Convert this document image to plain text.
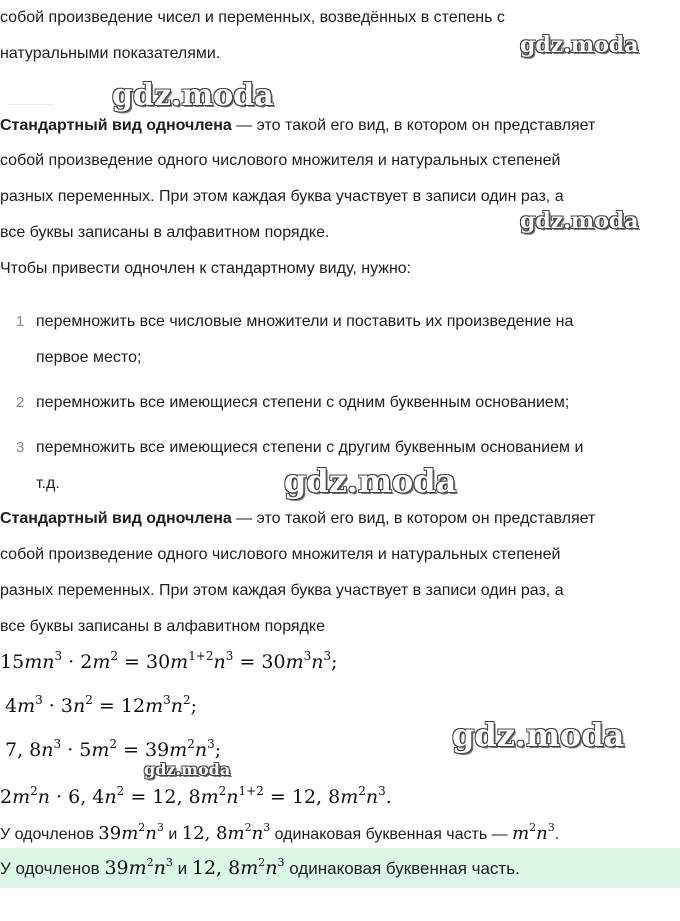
собой произведение чисел и переменных, возведённых в степень с
натуральными показателями.
Стандартный вид одночлена — это такой его вид, в котором он представляет
собой произведение одного числового множителя и натуральных степеней
разных переменных. При этом каждая буква участвует в записи один раз, а
все буквы записаны в алфавитном порядке.
Чтобы привести одночлен к стандартному виду, нужно:
1 перемножить все числовые множители и поставить их произведение на
первое место;
2 перемножить все имеющиеся степени с одним буквенным основанием;
3 перемножить все имеющиеся степени с другим буквенным основанием и
т.д.
Стандартный вид одночлена — это такой его вид, в котором он представляет
собой произведение одного числового множителя и натуральных степеней
разных переменных. При этом каждая буква участвует в записи один раз, а
все буквы записаны в алфавитном порядке
$15mn^3 \cdot 2m^2 = 30m^{1+2}n^3 = 30m^3n^3$;
$4m^3 \cdot 3n^2 = 12m^3n^2$;
7, $8n^3 \cdot 5m^2 = 39m^2n^3$;
$2m^2n \cdot 6$, $4n^2 = 12$, $8m^2n^{1+2} = 12$, $8m^2n^3$.
У одочленов $39m^2n^3$ и 12, $8m^2n^3$ одинаковая буквенная часть — $m^2n^3$.
У одочленов $39m^2n^3$ и 12, $8m^2n^3$ одинаковая буквенная часть.
gdz.moda
gdz.moda
gdz.moda
gdz.moda
gdz.moda
gdz.moda
